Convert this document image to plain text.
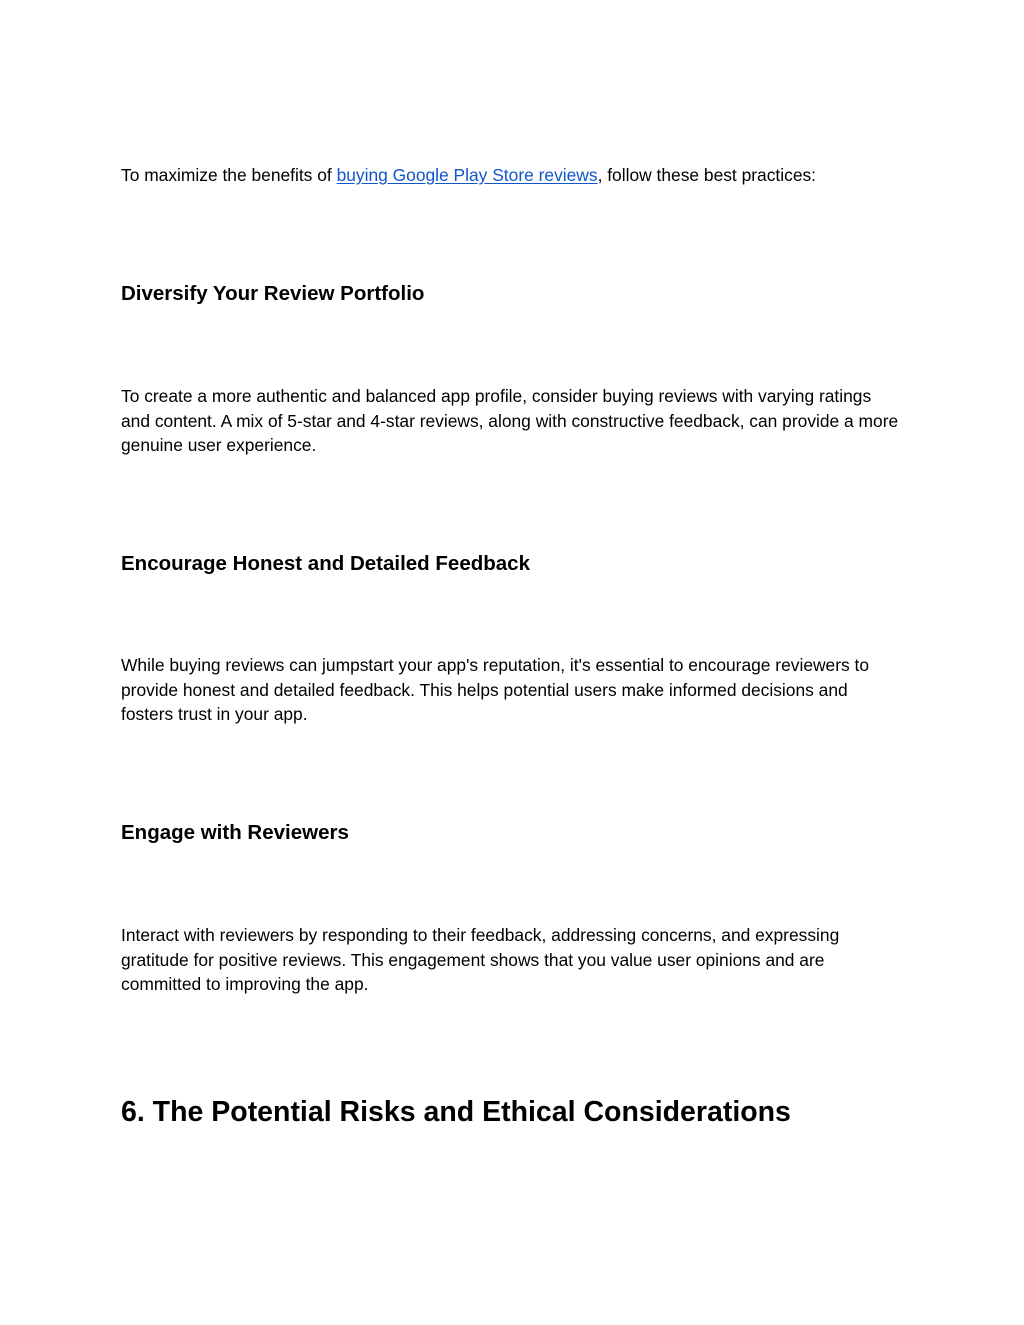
To maximize the benefits of buying Google Play Store reviews, follow these best practices:

Diversify Your Review Portfolio

To create a more authentic and balanced app profile, consider buying reviews with varying ratings and content. A mix of 5-star and 4-star reviews, along with constructive feedback, can provide a more genuine user experience.

Encourage Honest and Detailed Feedback

While buying reviews can jumpstart your app's reputation, it's essential to encourage reviewers to provide honest and detailed feedback. This helps potential users make informed decisions and fosters trust in your app.

Engage with Reviewers

Interact with reviewers by responding to their feedback, addressing concerns, and expressing gratitude for positive reviews. This engagement shows that you value user opinions and are committed to improving the app.

6. The Potential Risks and Ethical Considerations
